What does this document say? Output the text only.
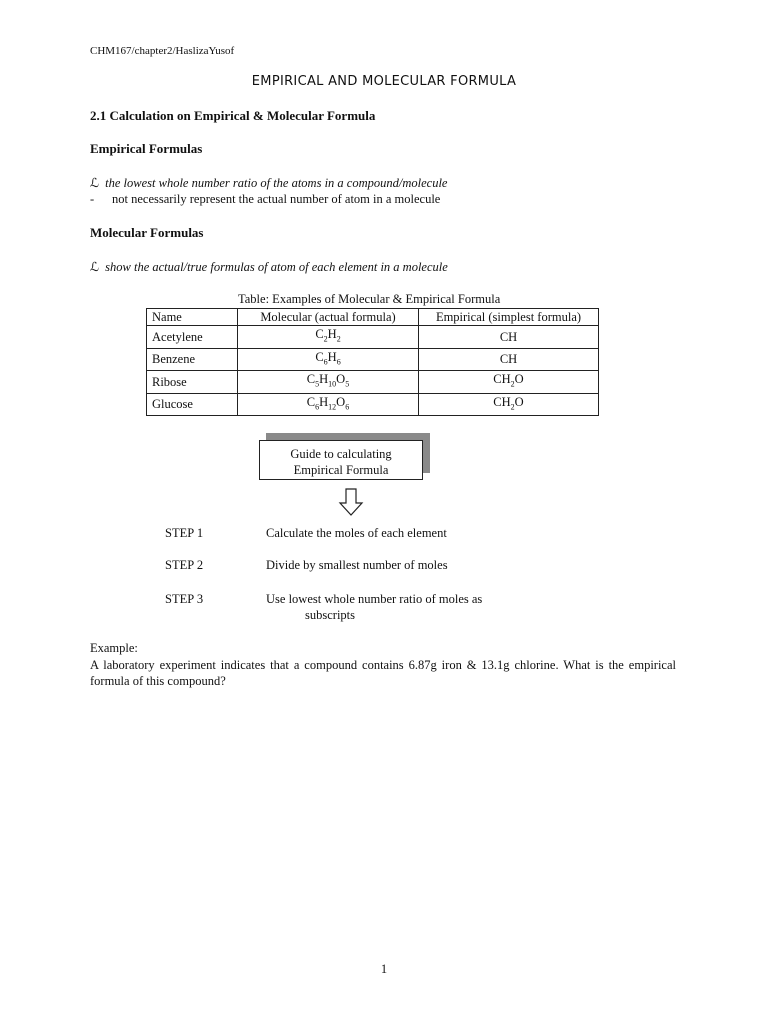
CHM167/chapter2/HaslizaYusof
EMPIRICAL AND MOLECULAR FORMULA
2.1 Calculation on Empirical & Molecular Formula
Empirical Formulas
ℒ the lowest whole number ratio of the atoms in a compound/molecule
- not necessarily represent the actual number of atom in a molecule
Molecular Formulas
ℒ show the actual/true formulas of atom of each element in a molecule
Table: Examples of Molecular & Empirical Formula
Name	Molecular (actual formula)	Empirical (simplest formula)
Acetylene	$C_2H_2$	CH
Benzene	$C_6H_6$	CH
Ribose	$C_5H_{10}O_5$	$CH_2O$
Glucose	$C_6H_{12}O_6$	$CH_2O$
Guide to calculating
Empirical Formula
STEP 1	Calculate the moles of each element
STEP 2	Divide by smallest number of moles
STEP 3	Use lowest whole number ratio of moles as
subscripts
Example:
A laboratory experiment indicates that a compound contains 6.87g iron & 13.1g chlorine. What is the empirical formula of this compound?
1
